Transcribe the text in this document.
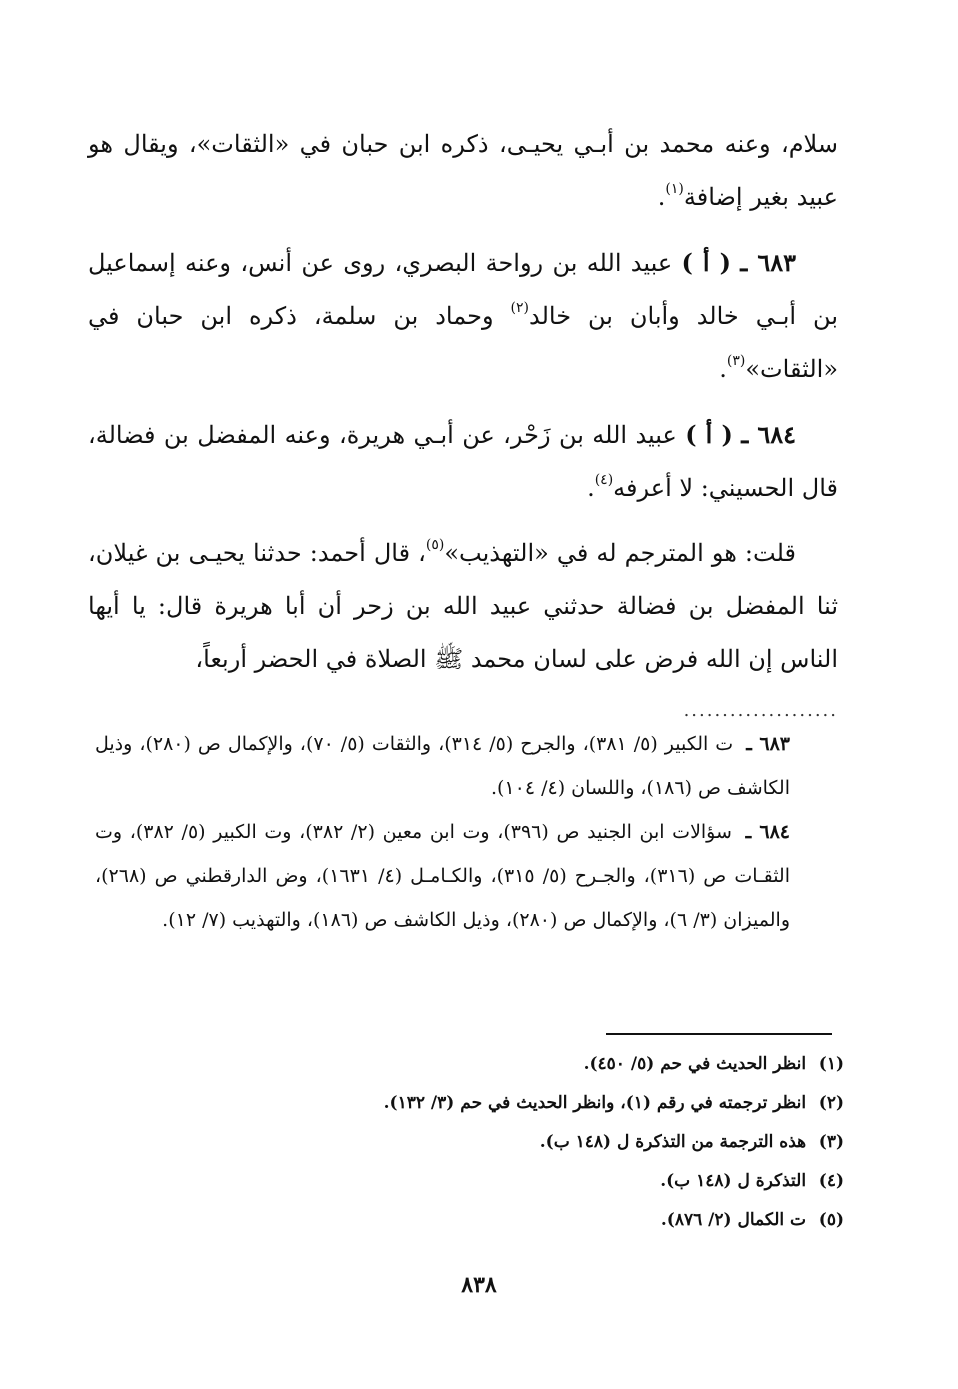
سلام، وعنه محمد بن أبـي يحيـى، ذكره ابن حبان في «الثقات»، ويقال هو عبيد بغير إضافة$^{(١)}$.

٦٨٣ ـ ( أ ) عبيد الله بن رواحة البصري، روى عن أنس، وعنه إسماعيل بن أبـي خالد وأبان بن خالد$^{(٢)}$ وحماد بن سلمة، ذكره ابن حبان في «الثقات»$^{(٣)}$.

٦٨٤ ـ ( أ ) عبيد الله بن زَحْر، عن أبـي هريرة، وعنه المفضل بن فضالة، قال الحسيني: لا أعرفه$^{(٤)}$.

قلت: هو المترجم له في «التهذيب»$^{(٥)}$، قال أحمد: حدثنا يحيـى بن غيلان، ثنا المفضل بن فضالة حدثني عبيد الله بن زحر أن أبا هريرة قال: يا أيها الناس إن الله فرض على لسان محمد ﷺ الصلاة في الحضر أربعاً،

....................

٦٨٣ ـ ت الكبير (٥/ ٣٨١)، والجرح (٥/ ٣١٤)، والثقات (٥/ ٧٠)، والإكمال ص (٢٨٠)، وذيل الكاشف ص (١٨٦)، واللسان (٤/ ١٠٤).

٦٨٤ ـ سؤالات ابن الجنيد ص (٣٩٦)، وت ابن معين (٢/ ٣٨٢)، وت الكبير (٥/ ٣٨٢)، وت الثقـات ص (٣١٦)، والجـرح (٥/ ٣١٥)، والكـامـل (٤/ ١٦٣١)، وض الدارقطني ص (٢٦٨)، والميزان (٣/ ٦)، والإكمال ص (٢٨٠)، وذيل الكاشف ص (١٨٦)، والتهذيب (٧/ ١٢).

(١) انظر الحديث في حم (٥/ ٤٥٠).
(٢) انظر ترجمته في رقم (١)، وانظر الحديث في حم (٣/ ١٣٢).
(٣) هذه الترجمة من التذكرة ل (١٤٨ ب).
(٤) التذكرة ل (١٤٨ ب).
(٥) ت الكمال (٢/ ٨٧٦).
٨٣٨
